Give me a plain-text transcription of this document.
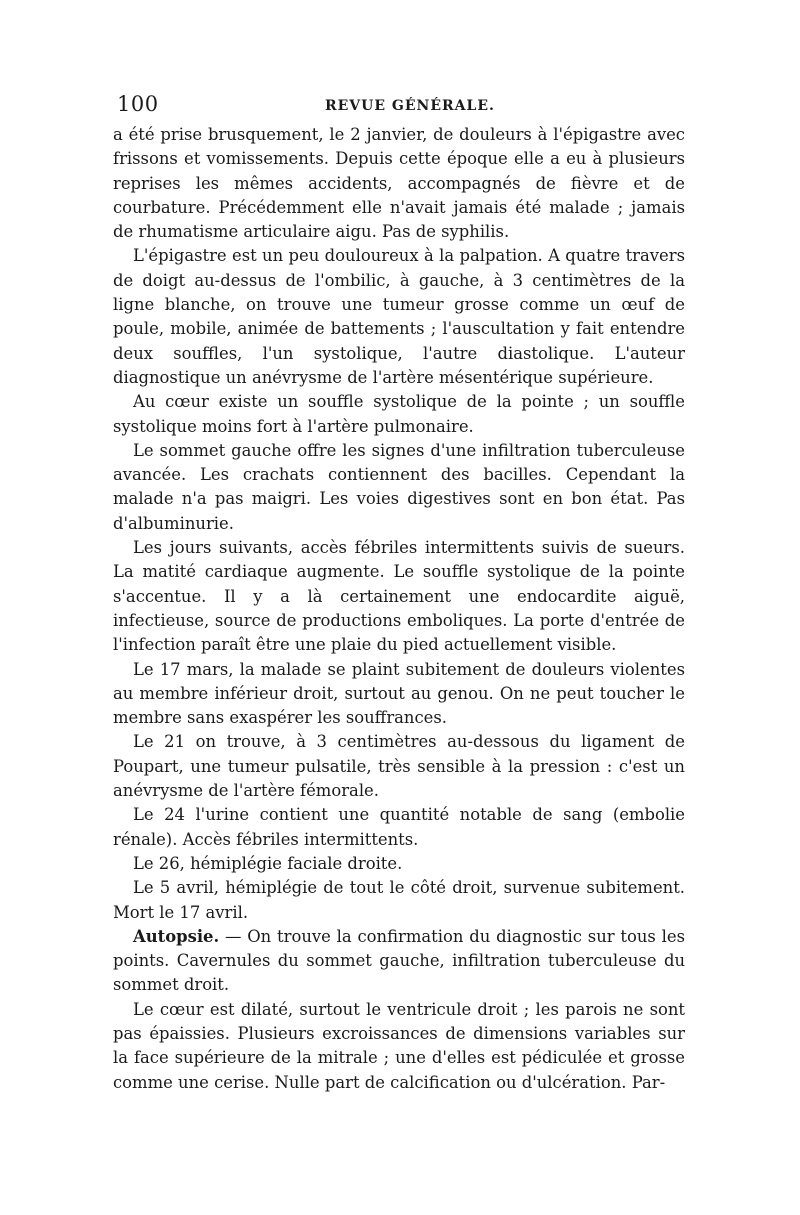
100	REVUE GÉNÉRALE.

a été prise brusquement, le 2 janvier, de douleurs à l'épigastre avec frissons et vomissements. Depuis cette époque elle a eu à plusieurs reprises les mêmes accidents, accompagnés de fièvre et de courbature. Précédemment elle n'avait jamais été malade ; jamais de rhumatisme articulaire aigu. Pas de syphilis.

L'épigastre est un peu douloureux à la palpation. A quatre travers de doigt au-dessus de l'ombilic, à gauche, à 3 centimètres de la ligne blanche, on trouve une tumeur grosse comme un œuf de poule, mobile, animée de battements ; l'auscultation y fait entendre deux souffles, l'un systolique, l'autre diastolique. L'auteur diagnostique un anévrysme de l'artère mésentérique supérieure.

Au cœur existe un souffle systolique de la pointe ; un souffle systolique moins fort à l'artère pulmonaire.

Le sommet gauche offre les signes d'une infiltration tuberculeuse avancée. Les crachats contiennent des bacilles. Cependant la malade n'a pas maigri. Les voies digestives sont en bon état. Pas d'albuminurie.

Les jours suivants, accès fébriles intermittents suivis de sueurs. La matité cardiaque augmente. Le souffle systolique de la pointe s'accentue. Il y a là certainement une endocardite aiguë, infectieuse, source de productions emboliques. La porte d'entrée de l'infection paraît être une plaie du pied actuellement visible.

Le 17 mars, la malade se plaint subitement de douleurs violentes au membre inférieur droit, surtout au genou. On ne peut toucher le membre sans exaspérer les souffrances.

Le 21 on trouve, à 3 centimètres au-dessous du ligament de Poupart, une tumeur pulsatile, très sensible à la pression : c'est un anévrysme de l'artère fémorale.

Le 24 l'urine contient une quantité notable de sang (embolie rénale). Accès fébriles intermittents.

Le 26, hémiplégie faciale droite.

Le 5 avril, hémiplégie de tout le côté droit, survenue subitement. Mort le 17 avril.

Autopsie. — On trouve la confirmation du diagnostic sur tous les points. Cavernules du sommet gauche, infiltration tuberculeuse du sommet droit.

Le cœur est dilaté, surtout le ventricule droit ; les parois ne sont pas épaissies. Plusieurs excroissances de dimensions variables sur la face supérieure de la mitrale ; une d'elles est pédiculée et grosse comme une cerise. Nulle part de calcification ou d'ulcération. Par-
